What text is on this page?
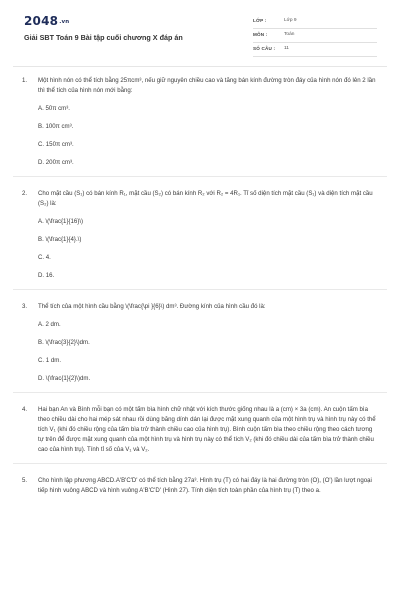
2048.vn
Giải SBT Toán 9 Bài tập cuối chương X đáp án
LỚP :	Lớp 9
MÔN :	Toán
SỐ CÂU : 11
1. Một hình nón có thể tích bằng 25πcm³, nếu giữ nguyên chiều cao và tăng bán kính đường tròn đáy của hình nón đó lên 2 lần thì thể tích của hình nón mới bằng:

A. 50π cm³.
B. 100π cm³.
C. 150π cm³.
D. 200π cm³.
2. Cho mặt cầu (S₁) có bán kính R₁, mặt cầu (S₂) có bán kính R₂ với R₂ = 4R₁. Tỉ số diện tích mặt cầu (S₁) và diện tích mặt cầu (S₂) là:

A. \(\frac{1}{16}\)
B. \(\frac{1}{4}.\)
C. 4.
D. 16.
3. Thể tích của một hình cầu bằng \(\frac{\pi }{6}\) dm³. Đường kính của hình cầu đó là:

A. 2 dm.
B. \(\frac{3}{2}\)dm.
C. 1 dm.
D. \(\frac{1}{2}\)dm.
4. Hai bạn An và Bình mỗi bạn có một tấm bìa hình chữ nhật với kích thước giống nhau là a (cm) × 3a (cm). An cuộn tấm bìa theo chiều dài cho hai mép sát nhau rồi dùng băng dính dán lại được mặt xung quanh của một hình trụ và hình trụ này có thể tích V₁ (khi đó chiều rộng của tấm bìa trở thành chiều cao của hình trụ). Bình cuộn tấm bìa theo chiều rộng theo cách tương tự trên để được mặt xung quanh của một hình trụ và hình trụ này có thể tích V₂ (khi đó chiều dài của tấm bìa trở thành chiều cao của hình trụ). Tính tỉ số của V₁ và V₂.

5. Cho hình lập phương ABCD.A'B'C'D' có thể tích bằng 27a³. Hình trụ (T) có hai đáy là hai đường tròn (O), (O') lần lượt ngoại tiếp hình vuông ABCD và hình vuông A'B'C'D' (Hình 27). Tính diện tích toàn phần của hình trụ (T) theo a.
